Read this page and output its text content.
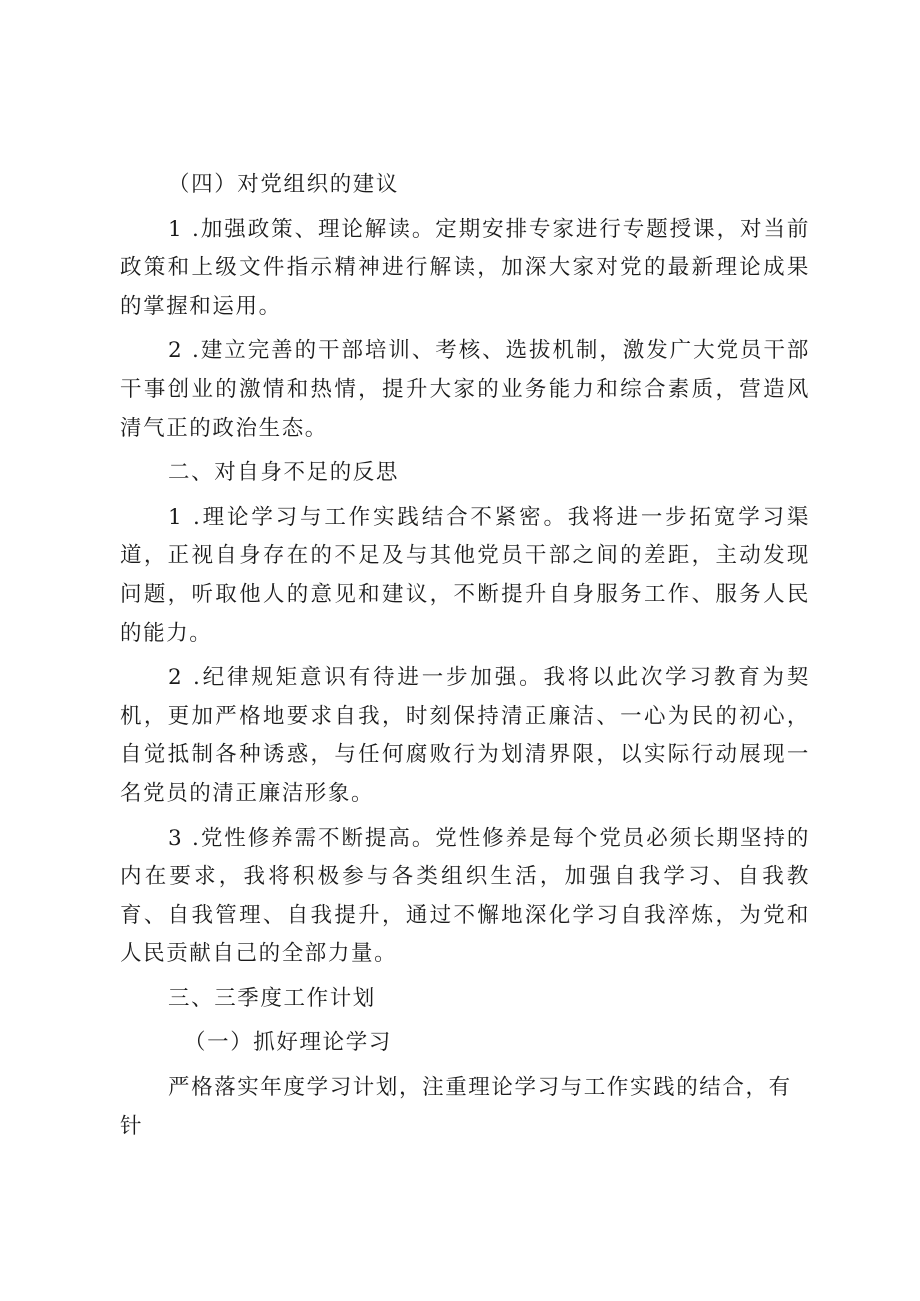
（四）对党组织的建议

1 .加强政策、理论解读。定期安排专家进行专题授课，对当前政策和上级文件指示精神进行解读，加深大家对党的最新理论成果的掌握和运用。

2 .建立完善的干部培训、考核、选拔机制，激发广大党员干部干事创业的激情和热情，提升大家的业务能力和综合素质，营造风清气正的政治生态。

二、对自身不足的反思

1 .理论学习与工作实践结合不紧密。我将进一步拓宽学习渠道，正视自身存在的不足及与其他党员干部之间的差距，主动发现问题，听取他人的意见和建议，不断提升自身服务工作、服务人民的能力。

2 .纪律规矩意识有待进一步加强。我将以此次学习教育为契机，更加严格地要求自我，时刻保持清正廉洁、一心为民的初心，自觉抵制各种诱惑，与任何腐败行为划清界限，以实际行动展现一名党员的清正廉洁形象。

3 .党性修养需不断提高。党性修养是每个党员必须长期坚持的内在要求，我将积极参与各类组织生活，加强自我学习、自我教育、自我管理、自我提升，通过不懈地深化学习自我淬炼，为党和人民贡献自己的全部力量。

三、三季度工作计划

（一）抓好理论学习

严格落实年度学习计划，注重理论学习与工作实践的结合，有针
